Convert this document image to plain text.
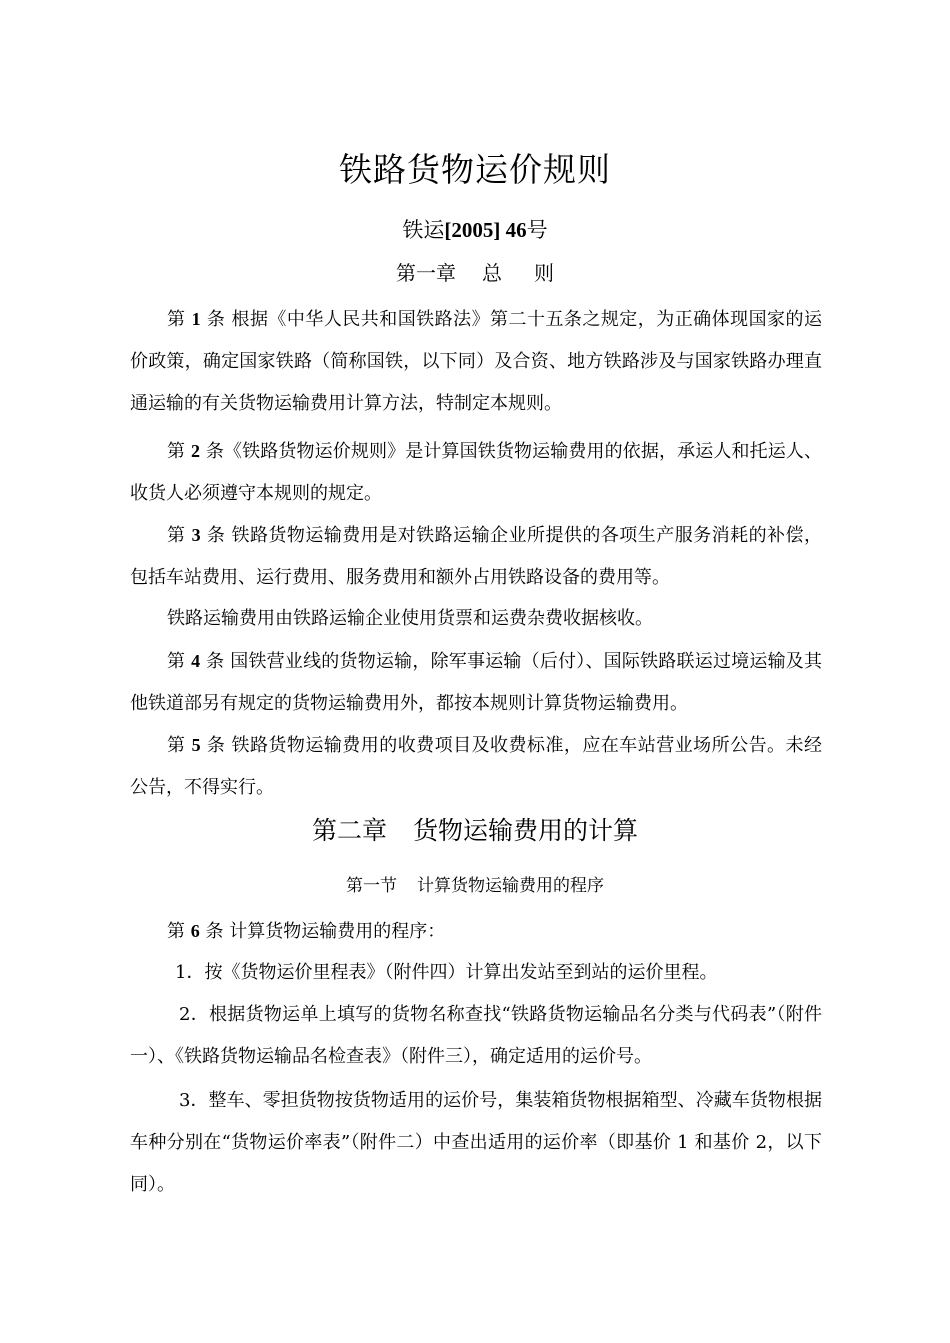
铁路货物运价规则
铁运[2005] 46号
第一章 总 则

第 1 条 根据《中华人民共和国铁路法》第二十五条之规定，为正确体现国家的运价政策，确定国家铁路（简称国铁，以下同）及合资、地方铁路涉及与国家铁路办理直通运输的有关货物运输费用计算方法，特制定本规则。

第 2 条《铁路货物运价规则》是计算国铁货物运输费用的依据，承运人和托运人、收货人必须遵守本规则的规定。

第 3 条 铁路货物运输费用是对铁路运输企业所提供的各项生产服务消耗的补偿，包括车站费用、运行费用、服务费用和额外占用铁路设备的费用等。

铁路运输费用由铁路运输企业使用货票和运费杂费收据核收。

第 4 条 国铁营业线的货物运输，除军事运输（后付）、国际铁路联运过境运输及其他铁道部另有规定的货物运输费用外，都按本规则计算货物运输费用。

第 5 条 铁路货物运输费用的收费项目及收费标准，应在车站营业场所公告。未经公告，不得实行。

第二章 货物运输费用的计算
第一节 计算货物运输费用的程序

第 6 条 计算货物运输费用的程序：

1．按《货物运价里程表》（附件四）计算出发站至到站的运价里程。

2．根据货物运单上填写的货物名称查找“铁路货物运输品名分类与代码表”（附件一）、《铁路货物运输品名检查表》（附件三），确定适用的运价号。

3．整车、零担货物按货物适用的运价号，集装箱货物根据箱型、冷藏车货物根据车种分别在“货物运价率表”（附件二）中查出适用的运价率（即基价 1 和基价 2，以下同）。
